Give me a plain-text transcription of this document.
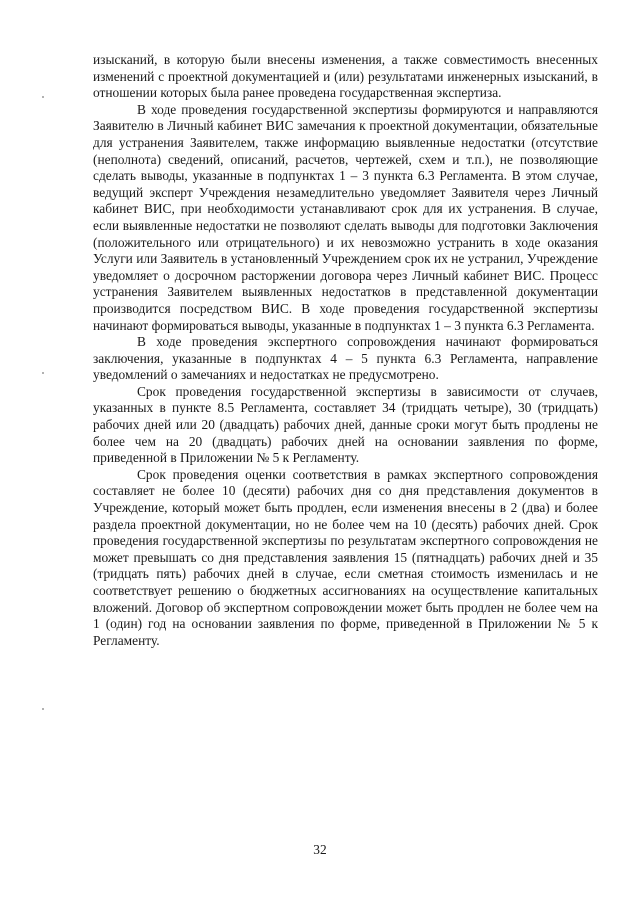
изысканий, в которую были внесены изменения, а также совместимость внесенных изменений с проектной документацией и (или) результатами инженерных изысканий, в отношении которых была ранее проведена государственная экспертиза.

В ходе проведения государственной экспертизы формируются и направляются Заявителю в Личный кабинет ВИС замечания к проектной документации, обязательные для устранения Заявителем, также информацию выявленные недостатки (отсутствие (неполнота) сведений, описаний, расчетов, чертежей, схем и т.п.), не позволяющие сделать выводы, указанные в подпунктах 1 – 3 пункта 6.3 Регламента. В этом случае, ведущий эксперт Учреждения незамедлительно уведомляет Заявителя через Личный кабинет ВИС, при необходимости устанавливают срок для их устранения. В случае, если выявленные недостатки не позволяют сделать выводы для подготовки Заключения (положительного или отрицательного) и их невозможно устранить в ходе оказания Услуги или Заявитель в установленный Учреждением срок их не устранил, Учреждение уведомляет о досрочном расторжении договора через Личный кабинет ВИС. Процесс устранения Заявителем выявленных недостатков в представленной документации производится посредством ВИС. В ходе проведения государственной экспертизы начинают формироваться выводы, указанные в подпунктах 1 – 3 пункта 6.3 Регламента.

В ходе проведения экспертного сопровождения начинают формироваться заключения, указанные в подпунктах 4 – 5 пункта 6.3 Регламента, направление уведомлений о замечаниях и недостатках не предусмотрено.

Срок проведения государственной экспертизы в зависимости от случаев, указанных в пункте 8.5 Регламента, составляет 34 (тридцать четыре), 30 (тридцать) рабочих дней или 20 (двадцать) рабочих дней, данные сроки могут быть продлены не более чем на 20 (двадцать) рабочих дней на основании заявления по форме, приведенной в Приложении № 5 к Регламенту.

Срок проведения оценки соответствия в рамках экспертного сопровождения составляет не более 10 (десяти) рабочих дня со дня представления документов в Учреждение, который может быть продлен, если изменения внесены в 2 (два) и более раздела проектной документации, но не более чем на 10 (десять) рабочих дней. Срок проведения государственной экспертизы по результатам экспертного сопровождения не может превышать со дня представления заявления 15 (пятнадцать) рабочих дней и 35 (тридцать пять) рабочих дней в случае, если сметная стоимость изменилась и не соответствует решению о бюджетных ассигнованиях на осуществление капитальных вложений. Договор об экспертном сопровождении может быть продлен не более чем на 1 (один) год на основании заявления по форме, приведенной в Приложении № 5 к Регламенту.

32
